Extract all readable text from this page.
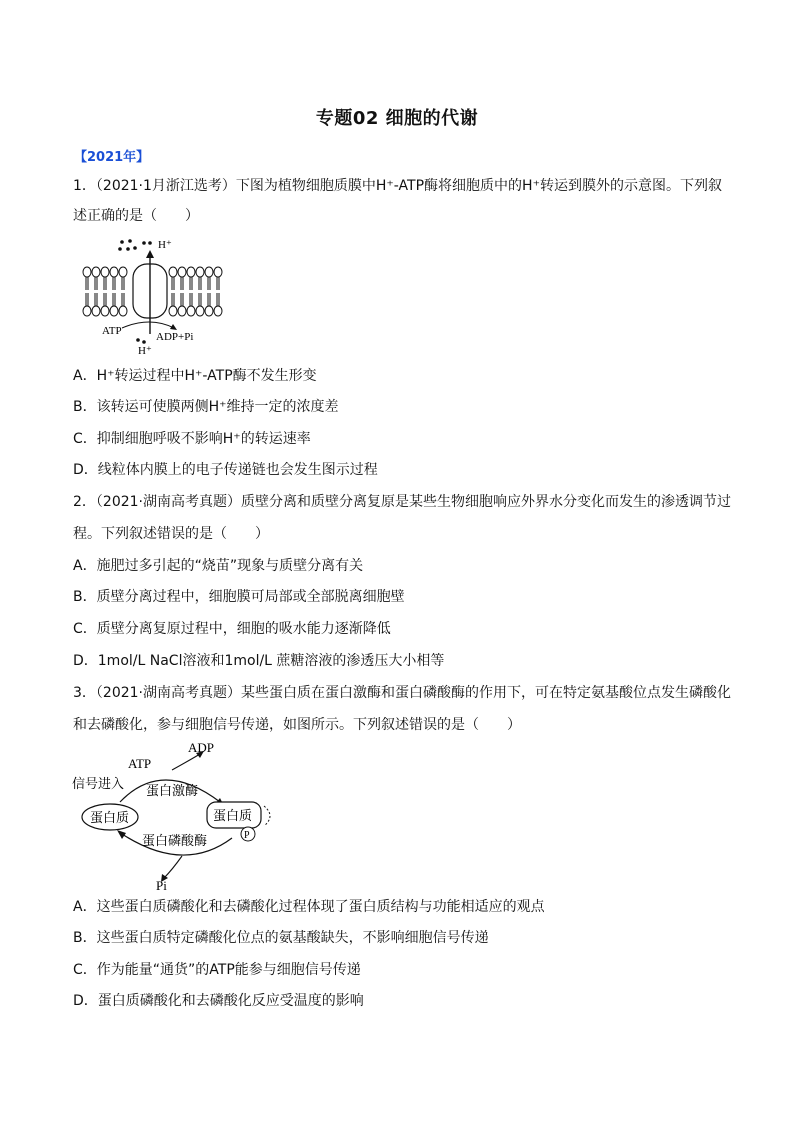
专题02 细胞的代谢
【2021年】
1．（2021·1月浙江选考）下图为植物细胞质膜中H⁺-ATP酶将细胞质中的H⁺转运到膜外的示意图。下列叙
述正确的是（　　）
H⁺
ATP	ADP+Pi
H⁺
A．H⁺转运过程中H⁺-ATP酶不发生形变
B．该转运可使膜两侧H⁺维持一定的浓度差
C．抑制细胞呼吸不影响H⁺的转运速率
D．线粒体内膜上的电子传递链也会发生图示过程
2．（2021·湖南高考真题）质壁分离和质壁分离复原是某些生物细胞响应外界水分变化而发生的渗透调节过
程。下列叙述错误的是（　　）
A．施肥过多引起的“烧苗”现象与质壁分离有关
B．质壁分离过程中，细胞膜可局部或全部脱离细胞壁
C．质壁分离复原过程中，细胞的吸水能力逐渐降低
D．1mol/L NaCl溶液和1mol/L 蔗糖溶液的渗透压大小相等
3．（2021·湖南高考真题）某些蛋白质在蛋白激酶和蛋白磷酸酶的作用下，可在特定氨基酸位点发生磷酸化
和去磷酸化，参与细胞信号传递，如图所示。下列叙述错误的是（　　）
ADP
ATP
信号进入 蛋白激酶
蛋白质	蛋白质
P
蛋白磷酸酶
Pi
A．这些蛋白质磷酸化和去磷酸化过程体现了蛋白质结构与功能相适应的观点
B．这些蛋白质特定磷酸化位点的氨基酸缺失，不影响细胞信号传递
C．作为能量“通货”的ATP能参与细胞信号传递
D．蛋白质磷酸化和去磷酸化反应受温度的影响
